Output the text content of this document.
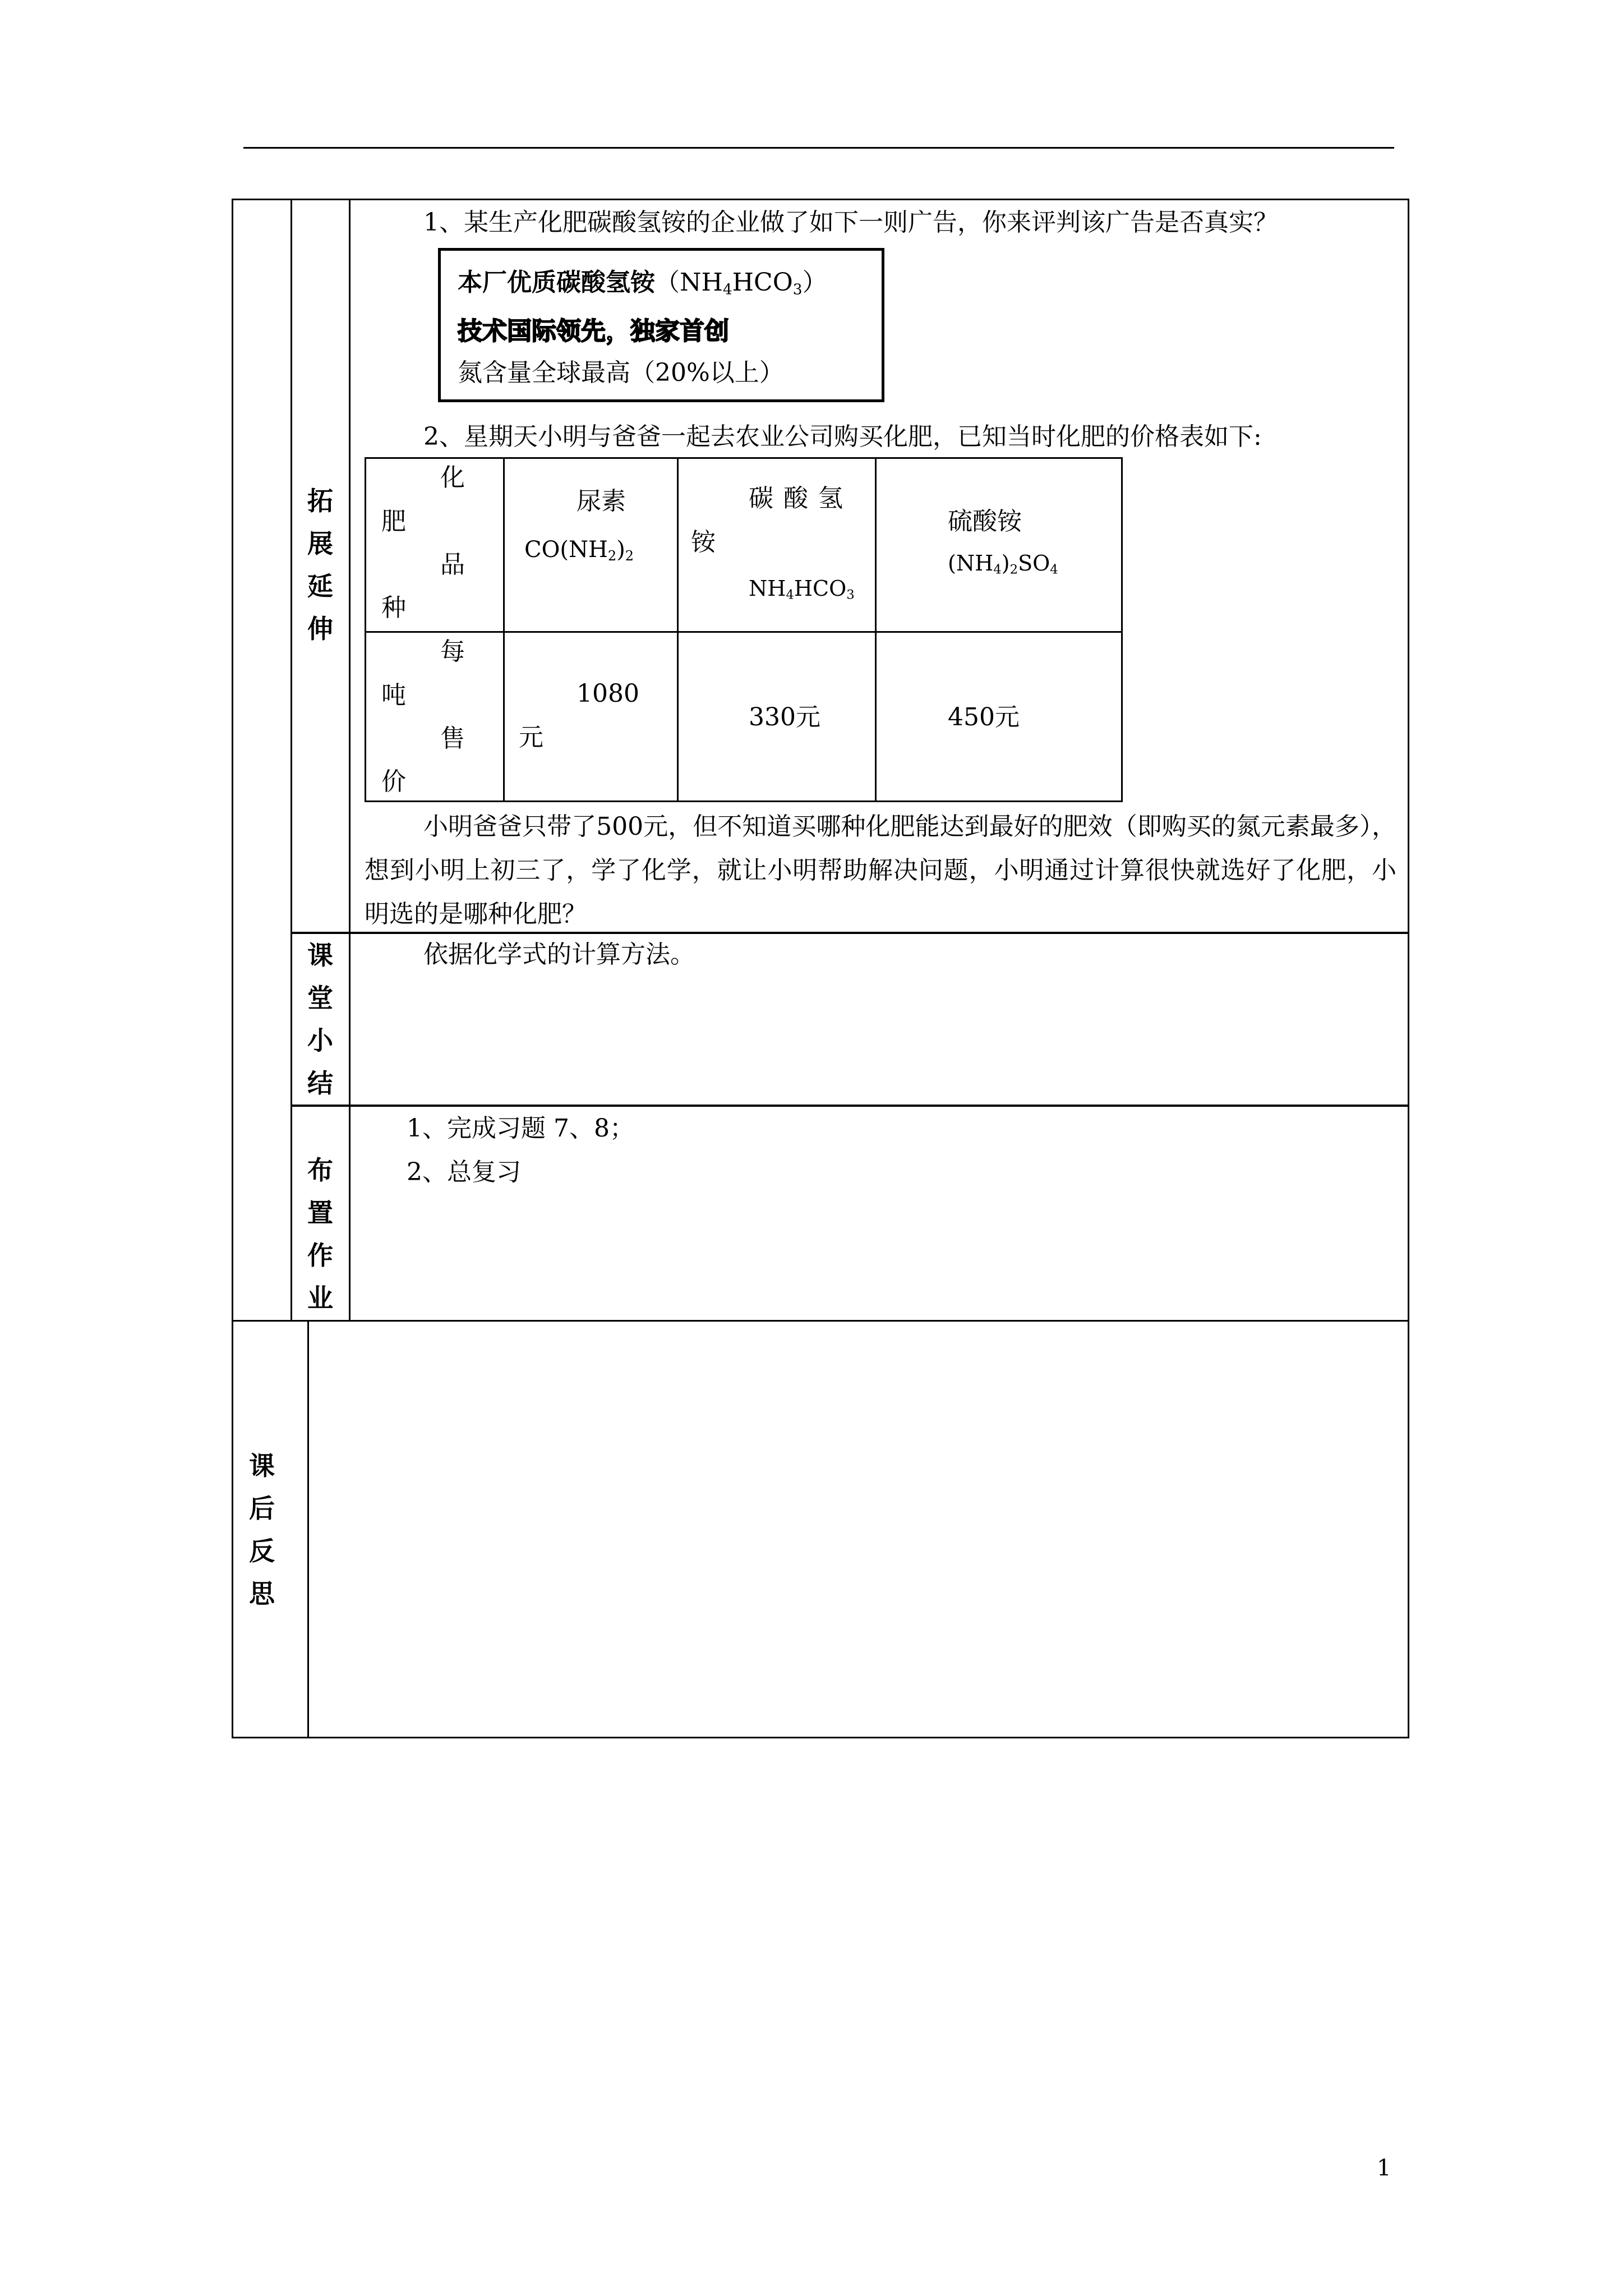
拓展延伸
课堂小结
布置作业
课后反思
1、某生产化肥碳酸氢铵的企业做了如下一则广告，你来评判该广告是否真实？
本厂优质碳酸氢铵$(NH_4HCO_3)$
技术国际领先，独家首创
氮含量全球最高（20%以上）
2、星期天小明与爸爸一起去农业公司购买化肥，已知当时化肥的价格表如下:
化
肥
品
种
尿素
$CO(NH_2)_2$
碳酸氢铵
$NH_4HCO_3$
硫酸铵
$(NH_4)_2SO_4$
每
吨
售
价
1080元
330元	450元
小明爸爸只带了500元，但不知道买哪种化肥能达到最好的肥效（即购买的氮元素最多），想到小明上初三了，学了化学，就让小明帮助解决问题，小明通过计算很快就选好了化肥，小明选的是哪种化肥？
依据化学式的计算方法。
1、完成习题 7、8；
2、总复习
1
